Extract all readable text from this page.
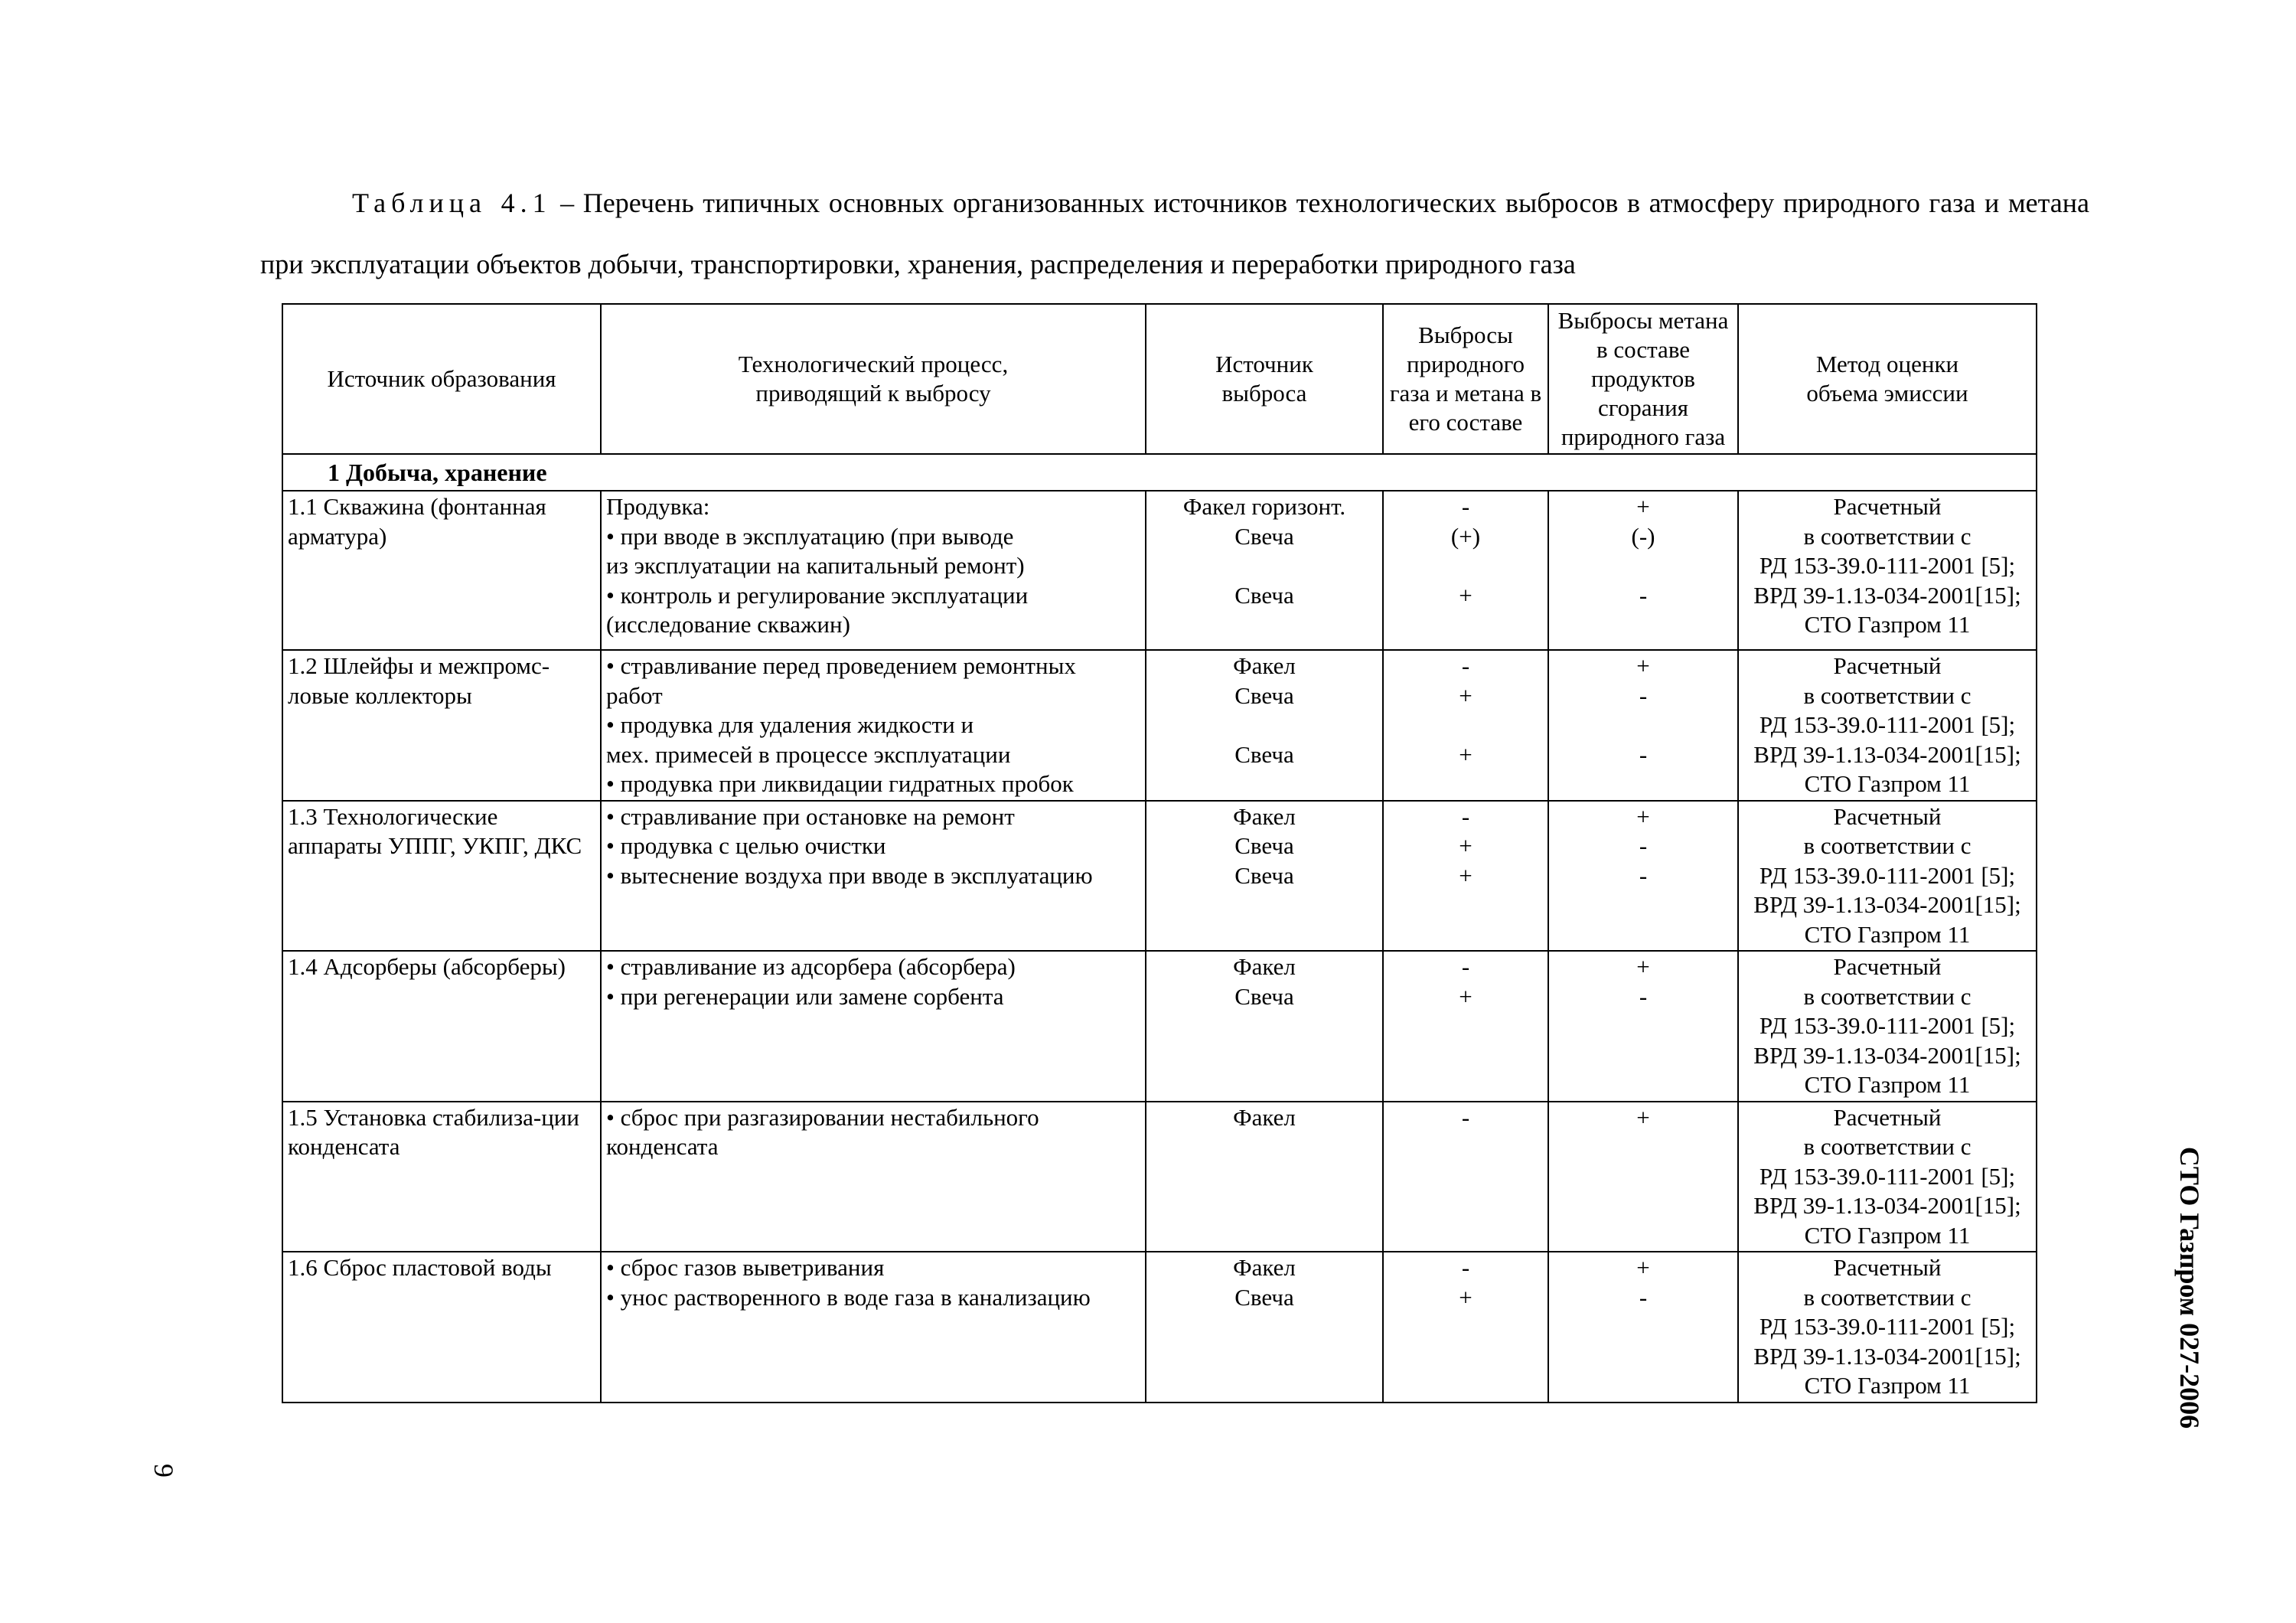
Таблица 4.1 – Перечень типичных основных организованных источников технологических выбросов в атмосферу природного газа и метана при эксплуатации объектов добычи, транспортировки, хранения, распределения и переработки природного газа
Источник образования	Технологический процесс, приводящий к выбросу	Источник выброса	Выбросы природного газа и метана в его составе	Выбросы метана в составе продуктов сгорания природного газа	Метод оценки объема эмиссии
1 Добыча, хранение					
1.1 Скважина (фонтанная арматура)	Продувка:
• при вводе в эксплуатацию (при выводе
из эксплуатации на капитальный ремонт)
• контроль и регулирование эксплуатации
(исследование скважин)	Факел горизонт.
Свеча

Свеча	-
(+)

+	+
(-)

-	Расчетный
в соответствии с
РД 153-39.0-111-2001 [5];
ВРД 39-1.13-034-2001[15];
СТО Газпром 11

1.2 Шлейфы и межпромс-ловые коллекторы	• стравливание перед проведением ремонтных
работ
• продувка для удаления жидкости и
мех. примесей в процессе эксплуатации
• продувка при ликвидации гидратных пробок	Факел
Свеча

Свеча	-
+

+	+
-

-	Расчетный
в соответствии с
РД 153-39.0-111-2001 [5];
ВРД 39-1.13-034-2001[15];
СТО Газпром 11

1.3 Технологические аппараты УППГ, УКПГ, ДКС	• стравливание при остановке на ремонт
• продувка с целью очистки
• вытеснение воздуха при вводе в эксплуатацию	Факел
Свеча
Свеча	-
+
+	+
-
-	Расчетный
в соответствии с
РД 153-39.0-111-2001 [5];
ВРД 39-1.13-034-2001[15];
СТО Газпром 11

1.4 Адсорберы (абсорберы)	• стравливание из адсорбера (абсорбера)
• при регенерации или замене сорбента	Факел
Свеча	-
+	+
-	Расчетный
в соответствии с
РД 153-39.0-111-2001 [5];
ВРД 39-1.13-034-2001[15];
СТО Газпром 11

1.5 Установка стабилиза-ции конденсата	• сброс при разгазировании нестабильного
конденсата	Факел	-	+	Расчетный
в соответствии с
РД 153-39.0-111-2001 [5];
ВРД 39-1.13-034-2001[15];
СТО Газпром 11

1.6 Сброс пластовой воды	• сброс газов выветривания
• унос растворенного в воде газа в канализацию	Факел
Свеча	-
+	+
-	Расчетный
в соответствии с
РД 153-39.0-111-2001 [5];
ВРД 39-1.13-034-2001[15];
СТО Газпром 11
9
СТО Газпром 027-2006
